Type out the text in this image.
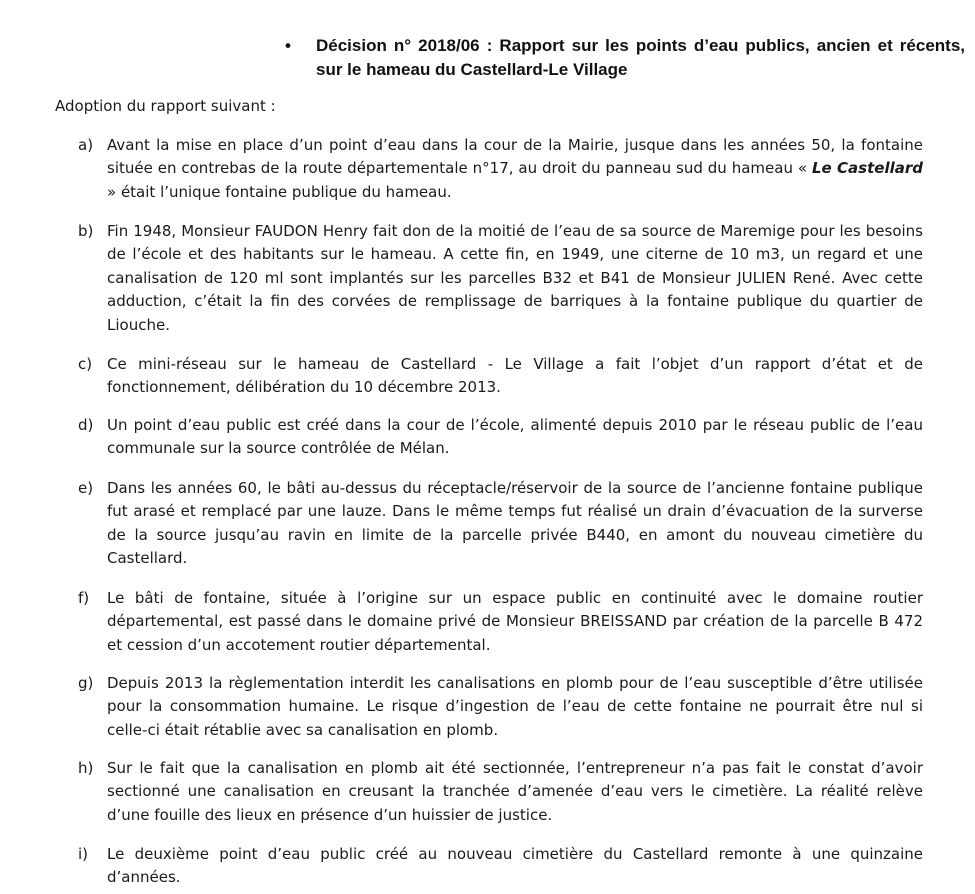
•	Décision n° 2018/06 : Rapport sur les points d’eau publics, ancien et récents, sur le hameau du Castellard-Le Village
Adoption du rapport suivant :
a) Avant la mise en place d’un point d’eau dans la cour de la Mairie, jusque dans les années 50, la fontaine située en contrebas de la route départementale n°17, au droit du panneau sud du hameau « Le Castellard » était l’unique fontaine publique du hameau.
b) Fin 1948, Monsieur FAUDON Henry fait don de la moitié de l’eau de sa source de Maremige pour les besoins de l’école et des habitants sur le hameau. A cette fin, en 1949, une citerne de 10 m3, un regard et une canalisation de 120 ml sont implantés sur les parcelles B32 et B41 de Monsieur JULIEN René. Avec cette adduction, c’était la fin des corvées de remplissage de barriques à la fontaine publique du quartier de Liouche.
c) Ce mini-réseau sur le hameau de Castellard - Le Village a fait l’objet d’un rapport d’état et de fonctionnement, délibération du 10 décembre 2013.
d) Un point d’eau public est créé dans la cour de l’école, alimenté depuis 2010 par le réseau public de l’eau communale sur la source contrôlée de Mélan.
e) Dans les années 60, le bâti au-dessus du réceptacle/réservoir de la source de l’ancienne fontaine publique fut arasé et remplacé par une lauze. Dans le même temps fut réalisé un drain d’évacuation de la surverse de la source jusqu’au ravin en limite de la parcelle privée B440, en amont du nouveau cimetière du Castellard.
f)	Le bâti de fontaine, située à l’origine sur un espace public en continuité avec le domaine routier départemental, est passé dans le domaine privé de Monsieur BREISSAND par création de la parcelle B 472 et cession d’un accotement routier départemental.
g) Depuis 2013 la règlementation interdit les canalisations en plomb pour de l’eau susceptible d’être utilisée pour la consommation humaine. Le risque d’ingestion de l’eau de cette fontaine ne pourrait être nul si celle-ci était rétablie avec sa canalisation en plomb.
h) Sur le fait que la canalisation en plomb ait été sectionnée, l’entrepreneur n’a pas fait le constat d’avoir sectionné une canalisation en creusant la tranchée d’amenée d’eau vers le cimetière. La réalité relève d’une fouille des lieux en présence d’un huissier de justice.
i)	Le deuxième point d’eau public créé au nouveau cimetière du Castellard remonte à une quinzaine d’années.
